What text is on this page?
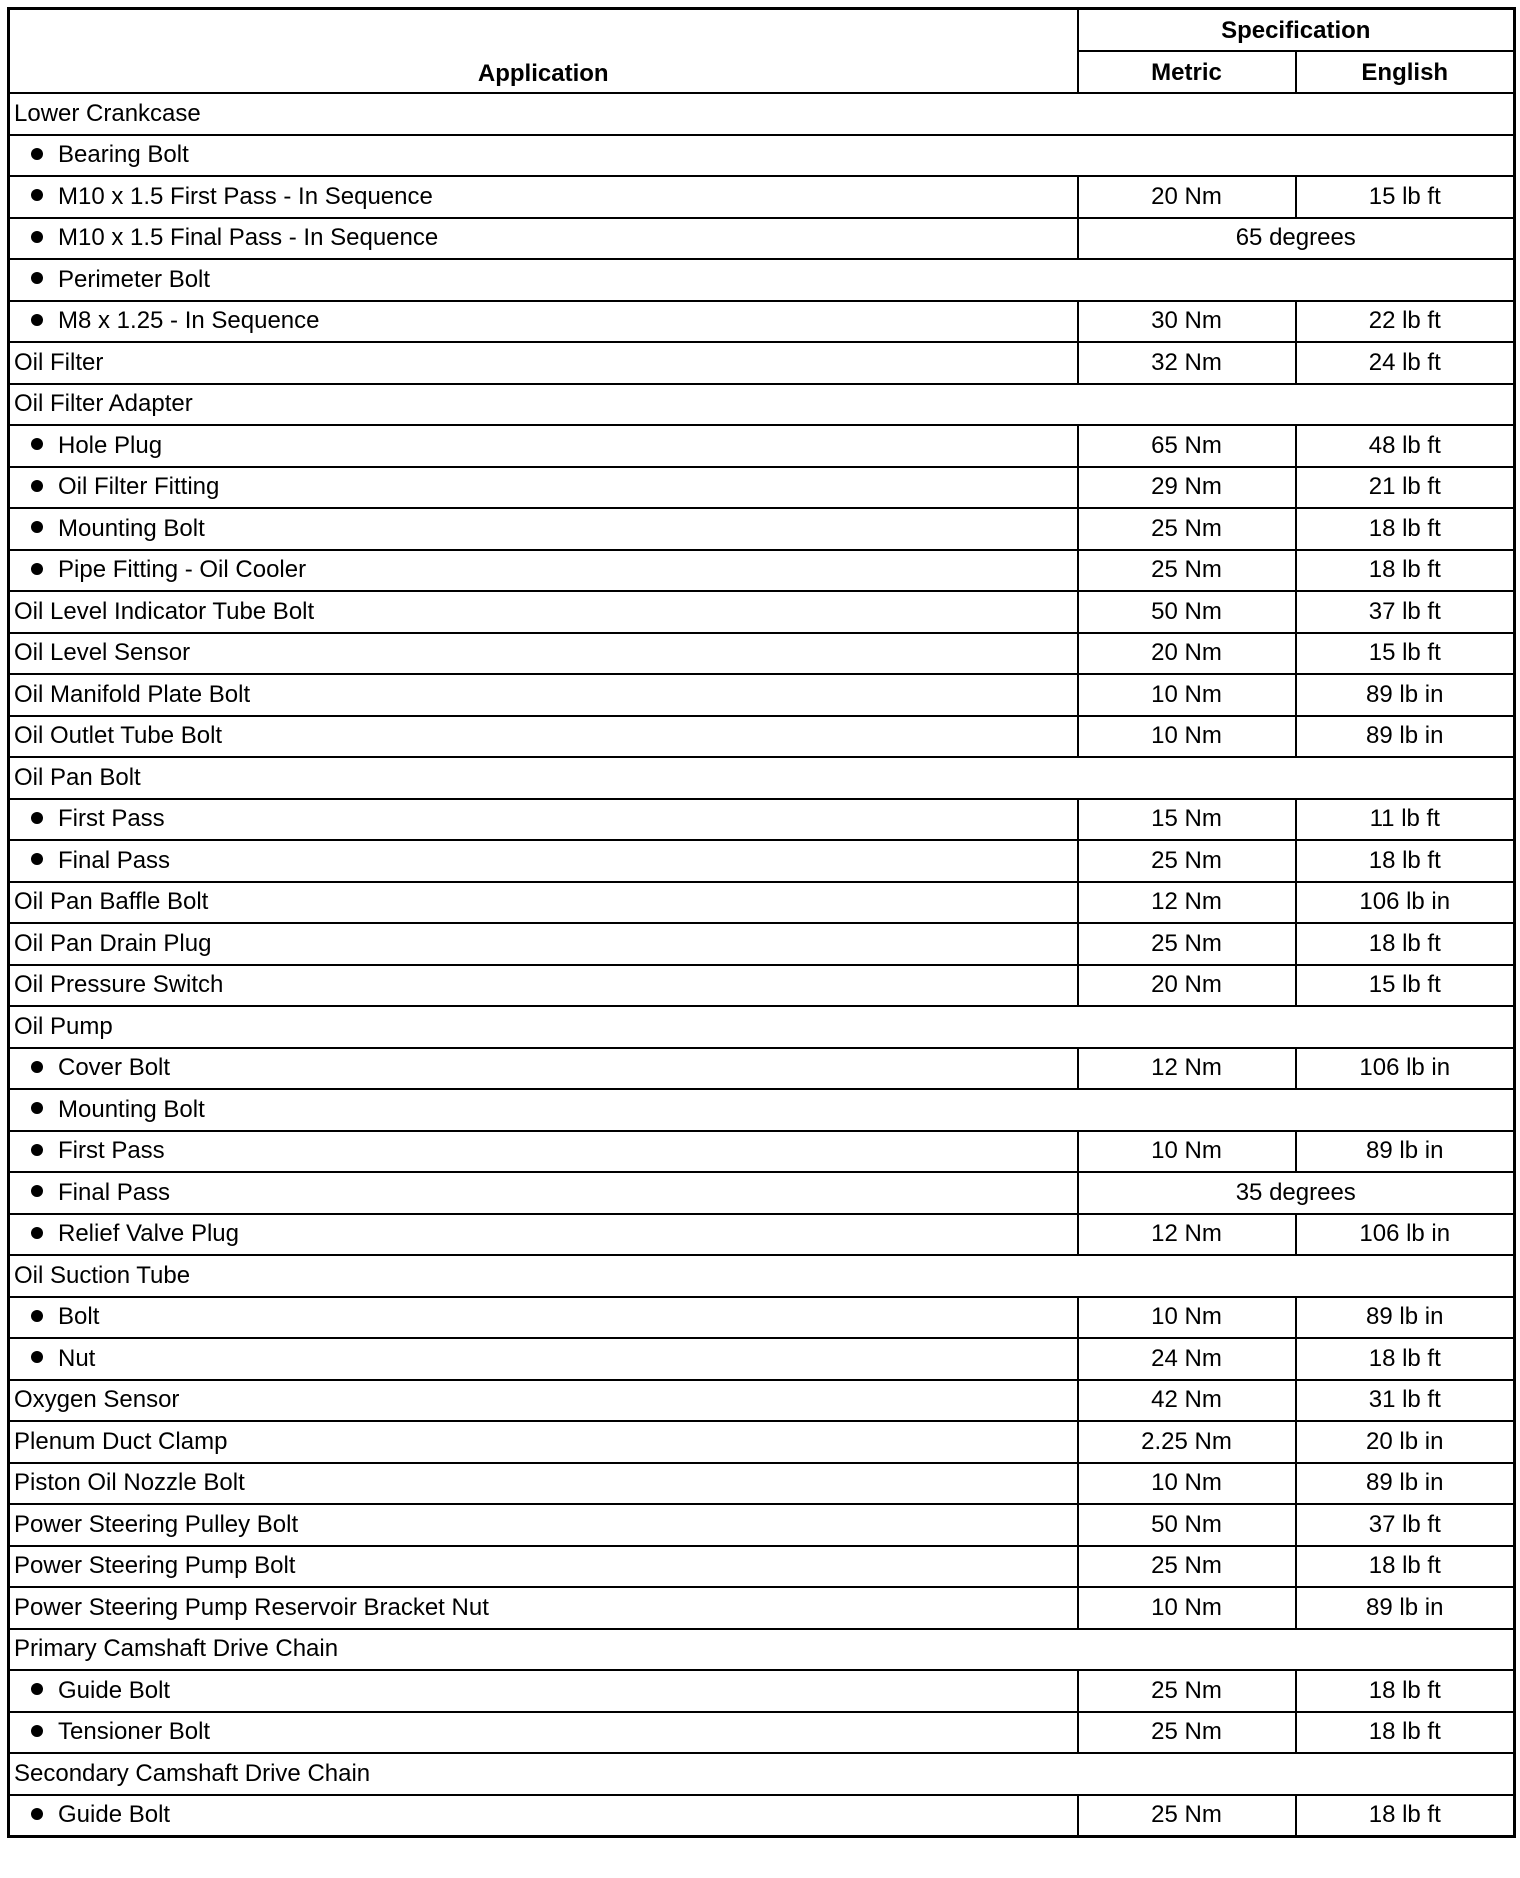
Application	Specification	
	Metric	English
Lower Crankcase		
Bearing Bolt		
M10 x 1.5 First Pass - In Sequence	20 Nm	15 lb ft
M10 x 1.5 Final Pass - In Sequence	65 degrees	
Perimeter Bolt		
M8 x 1.25 - In Sequence	30 Nm	22 lb ft
Oil Filter	32 Nm	24 lb ft
Oil Filter Adapter		
Hole Plug	65 Nm	48 lb ft
Oil Filter Fitting	29 Nm	21 lb ft
Mounting Bolt	25 Nm	18 lb ft
Pipe Fitting - Oil Cooler	25 Nm	18 lb ft
Oil Level Indicator Tube Bolt	50 Nm	37 lb ft
Oil Level Sensor	20 Nm	15 lb ft
Oil Manifold Plate Bolt	10 Nm	89 lb in
Oil Outlet Tube Bolt	10 Nm	89 lb in
Oil Pan Bolt		
First Pass	15 Nm	11 lb ft
Final Pass	25 Nm	18 lb ft
Oil Pan Baffle Bolt	12 Nm	106 lb in
Oil Pan Drain Plug	25 Nm	18 lb ft
Oil Pressure Switch	20 Nm	15 lb ft
Oil Pump		
Cover Bolt	12 Nm	106 lb in
Mounting Bolt		
First Pass	10 Nm	89 lb in
Final Pass	35 degrees	
Relief Valve Plug	12 Nm	106 lb in
Oil Suction Tube		
Bolt	10 Nm	89 lb in
Nut	24 Nm	18 lb ft
Oxygen Sensor	42 Nm	31 lb ft
Plenum Duct Clamp	2.25 Nm	20 lb in
Piston Oil Nozzle Bolt	10 Nm	89 lb in
Power Steering Pulley Bolt	50 Nm	37 lb ft
Power Steering Pump Bolt	25 Nm	18 lb ft
Power Steering Pump Reservoir Bracket Nut	10 Nm	89 lb in
Primary Camshaft Drive Chain		
Guide Bolt	25 Nm	18 lb ft
Tensioner Bolt	25 Nm	18 lb ft
Secondary Camshaft Drive Chain		
Guide Bolt	25 Nm	18 lb ft
